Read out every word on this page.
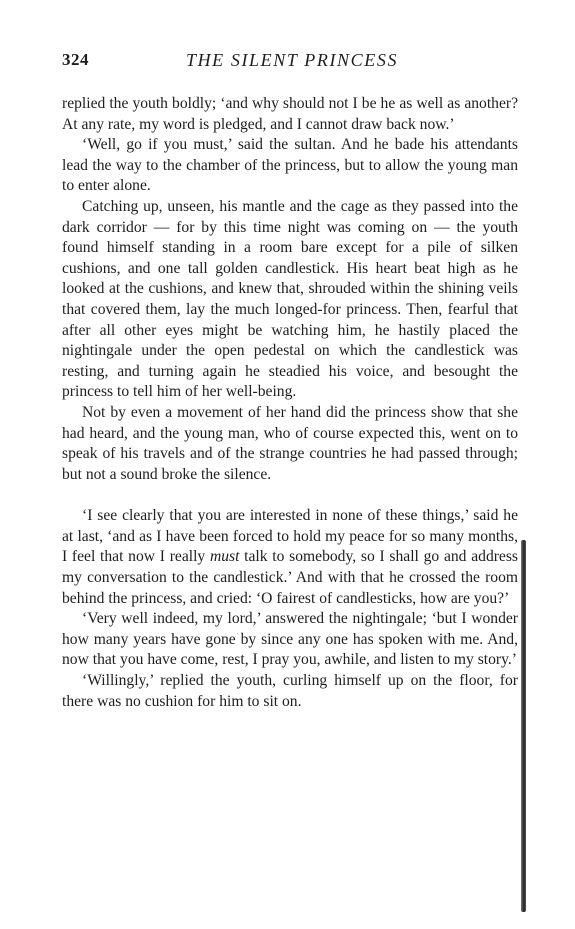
324	THE SILENT PRINCESS

replied the youth boldly; ‘and why should not I be he as well as another? At any rate, my word is pledged, and I cannot draw back now.’

‘Well, go if you must,’ said the sultan. And he bade his attendants lead the way to the chamber of the princess, but to allow the young man to enter alone.

Catching up, unseen, his mantle and the cage as they passed into the dark corridor — for by this time night was coming on — the youth found himself standing in a room bare except for a pile of silken cushions, and one tall golden candlestick. His heart beat high as he looked at the cushions, and knew that, shrouded within the shining veils that covered them, lay the much longed-for princess. Then, fearful that after all other eyes might be watching him, he hastily placed the nightingale under the open pedestal on which the candlestick was resting, and turning again he steadied his voice, and besought the princess to tell him of her well-being.

Not by even a movement of her hand did the princess show that she had heard, and the young man, who of course expected this, went on to speak of his travels and of the strange countries he had passed through; but not a sound broke the silence.

‘I see clearly that you are interested in none of these things,’ said he at last, ‘and as I have been forced to hold my peace for so many months, I feel that now I really must talk to somebody, so I shall go and address my conversation to the candlestick.’ And with that he crossed the room behind the princess, and cried: ‘O fairest of candlesticks, how are you?’

‘Very well indeed, my lord,’ answered the nightingale; ‘but I wonder how many years have gone by since any one has spoken with me. And, now that you have come, rest, I pray you, awhile, and listen to my story.’

‘Willingly,’ replied the youth, curling himself up on the floor, for there was no cushion for him to sit on.
